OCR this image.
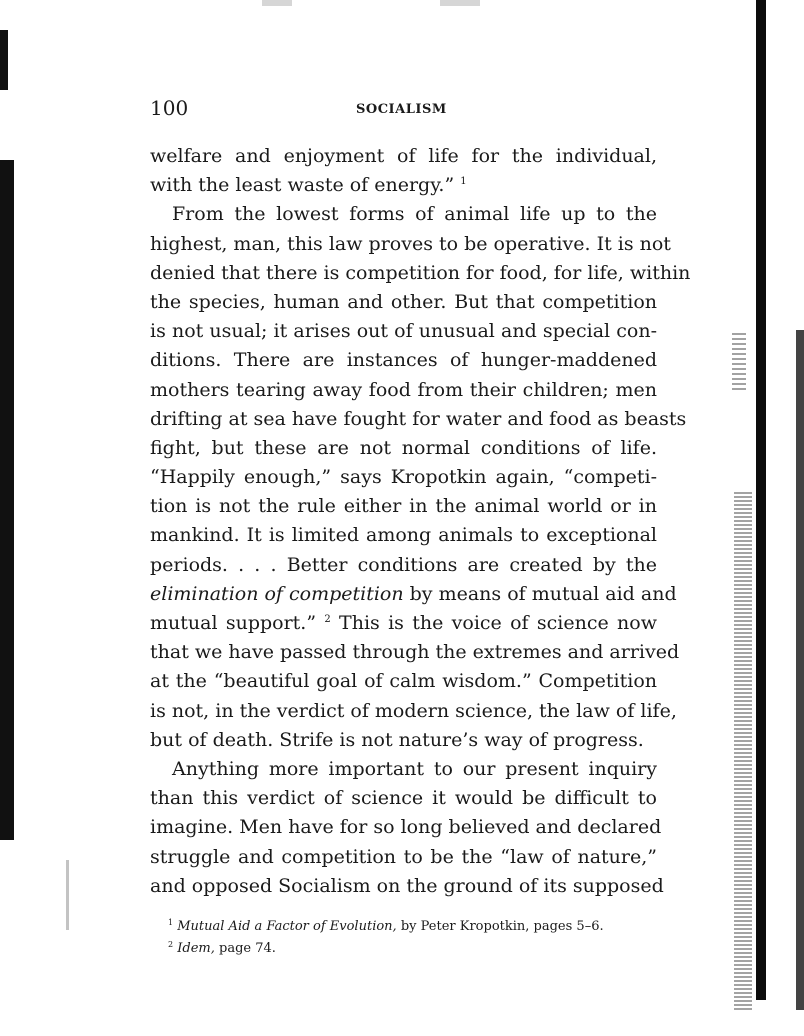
100	SOCIALISM
welfare and enjoyment of life for the individual,
with the least waste of energy.” $^1$
From the lowest forms of animal life up to the
highest, man, this law proves to be operative. It is not
denied that there is competition for food, for life, within
the species, human and other. But that competition
is not usual; it arises out of unusual and special con-
ditions. There are instances of hunger-maddened
mothers tearing away food from their children; men
drifting at sea have fought for water and food as beasts
fight, but these are not normal conditions of life.
“Happily enough,” says Kropotkin again, “competi-
tion is not the rule either in the animal world or in
mankind. It is limited among animals to exceptional
periods. . . . Better conditions are created by the
elimination of competition by means of mutual aid and
mutual support.” $^2$ This is the voice of science now
that we have passed through the extremes and arrived
at the “beautiful goal of calm wisdom.” Competition
is not, in the verdict of modern science, the law of life,
but of death. Strife is not nature’s way of progress.
Anything more important to our present inquiry
than this verdict of science it would be difficult to
imagine. Men have for so long believed and declared
struggle and competition to be the “law of nature,”
and opposed Socialism on the ground of its supposed
$^1$ Mutual Aid a Factor of Evolution, by Peter Kropotkin, pages 5–6.
$^2$ Idem, page 74.
